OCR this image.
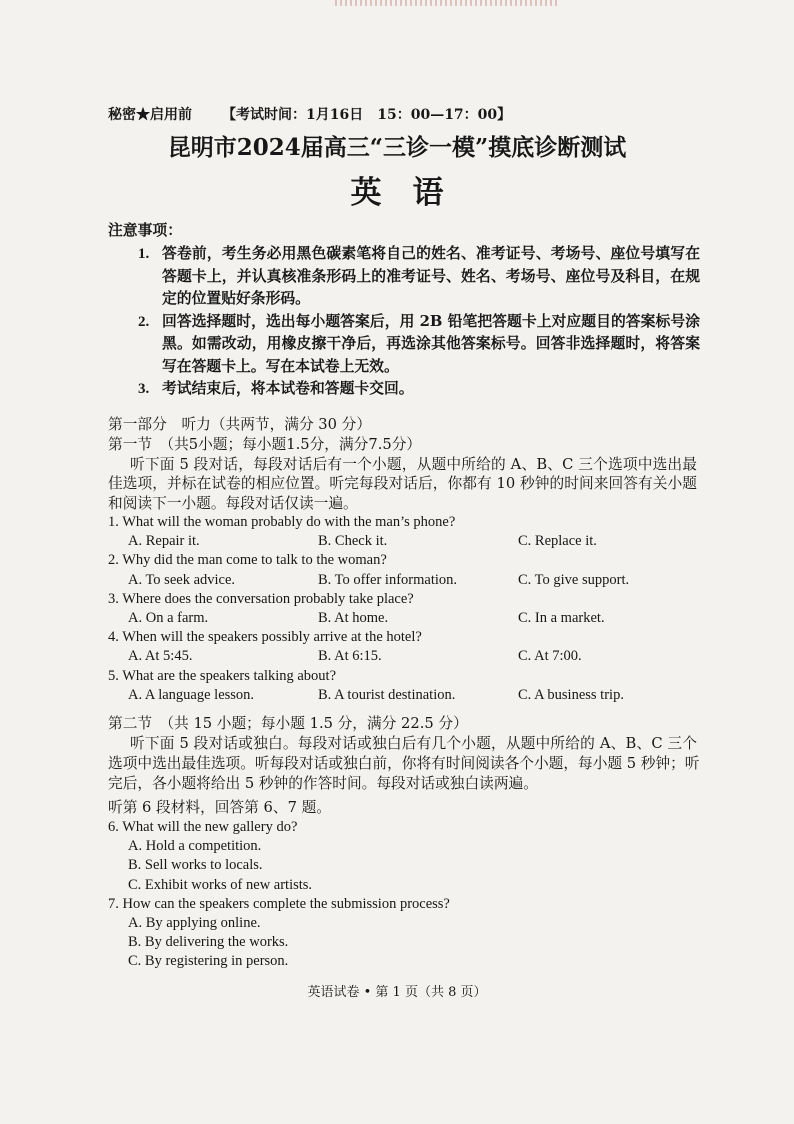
秘密★启用前 【考试时间：1月16日　15：00—17：00】
昆明市2024届高三“三诊一模”摸底诊断测试
英　语
注意事项：
1. 答卷前，考生务必用黑色碳素笔将自己的姓名、准考证号、考场号、座位号填写在
答题卡上，并认真核准条形码上的准考证号、姓名、考场号、座位号及科目，在规
定的位置贴好条形码。
2. 回答选择题时，选出每小题答案后，用 2B 铅笔把答题卡上对应题目的答案标号涂
黑。如需改动，用橡皮擦干净后，再选涂其他答案标号。回答非选择题时，将答案
写在答题卡上。写在本试卷上无效。
3. 考试结束后，将本试卷和答题卡交回。
第一部分　听力（共两节，满分 30 分）
第一节　（共5小题；每小题1.5分，满分7.5分）
听下面 5 段对话，每段对话后有一个小题，从题中所给的 A、B、C 三个选项中选出最
佳选项，并标在试卷的相应位置。听完每段对话后，你都有 10 秒钟的时间来回答有关小题
和阅读下一小题。每段对话仅读一遍。
1. What will the woman probably do with the man’s phone?
A. Repair it.	B. Check it.	C. Replace it.
2. Why did the man come to talk to the woman?
A. To seek advice.	B. To offer information.	C. To give support.
3. Where does the conversation probably take place?
A. On a farm.	B. At home.	C. In a market.
4. When will the speakers possibly arrive at the hotel?
A. At 5:45.	B. At 6:15.	C. At 7:00.
5. What are the speakers talking about?
A. A language lesson.	B. A tourist destination.	C. A business trip.
第二节　（共 15 小题；每小题 1.5 分，满分 22.5 分）
听下面 5 段对话或独白。每段对话或独白后有几个小题，从题中所给的 A、B、C 三个
选项中选出最佳选项。听每段对话或独白前，你将有时间阅读各个小题，每小题 5 秒钟；听
完后，各小题将给出 5 秒钟的作答时间。每段对话或独白读两遍。
听第 6 段材料，回答第 6、7 题。
6. What will the new gallery do?
A. Hold a competition.
B. Sell works to locals.
C. Exhibit works of new artists.
7. How can the speakers complete the submission process?
A. By applying online.
B. By delivering the works.
C. By registering in person.
英语试卷 • 第 1 页（共 8 页）
